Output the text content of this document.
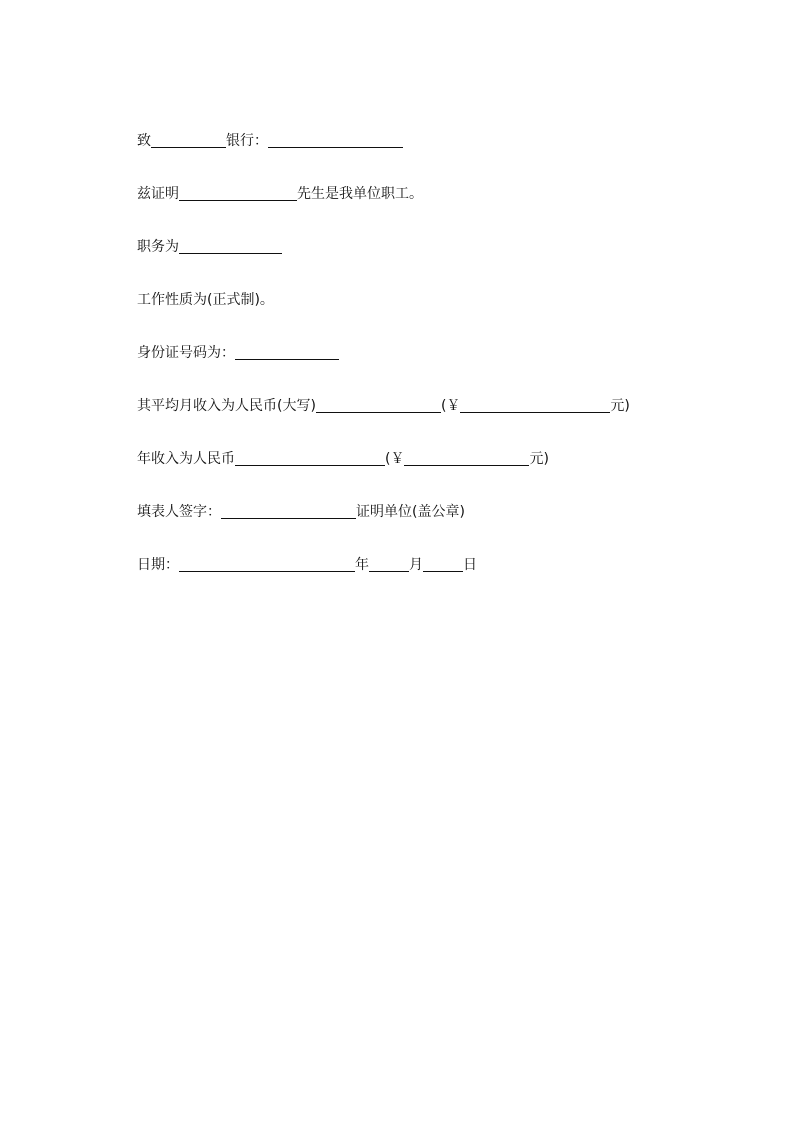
致	银行：
兹证明	先生是我单位职工。
职务为
工作性质为(正式制)。
身份证号码为：
其平均月收入为人民币(大写)	(￥	元)
年收入为人民币	(￥	元)
填表人签字：	证明单位(盖公章)
日期：	年	月	日
